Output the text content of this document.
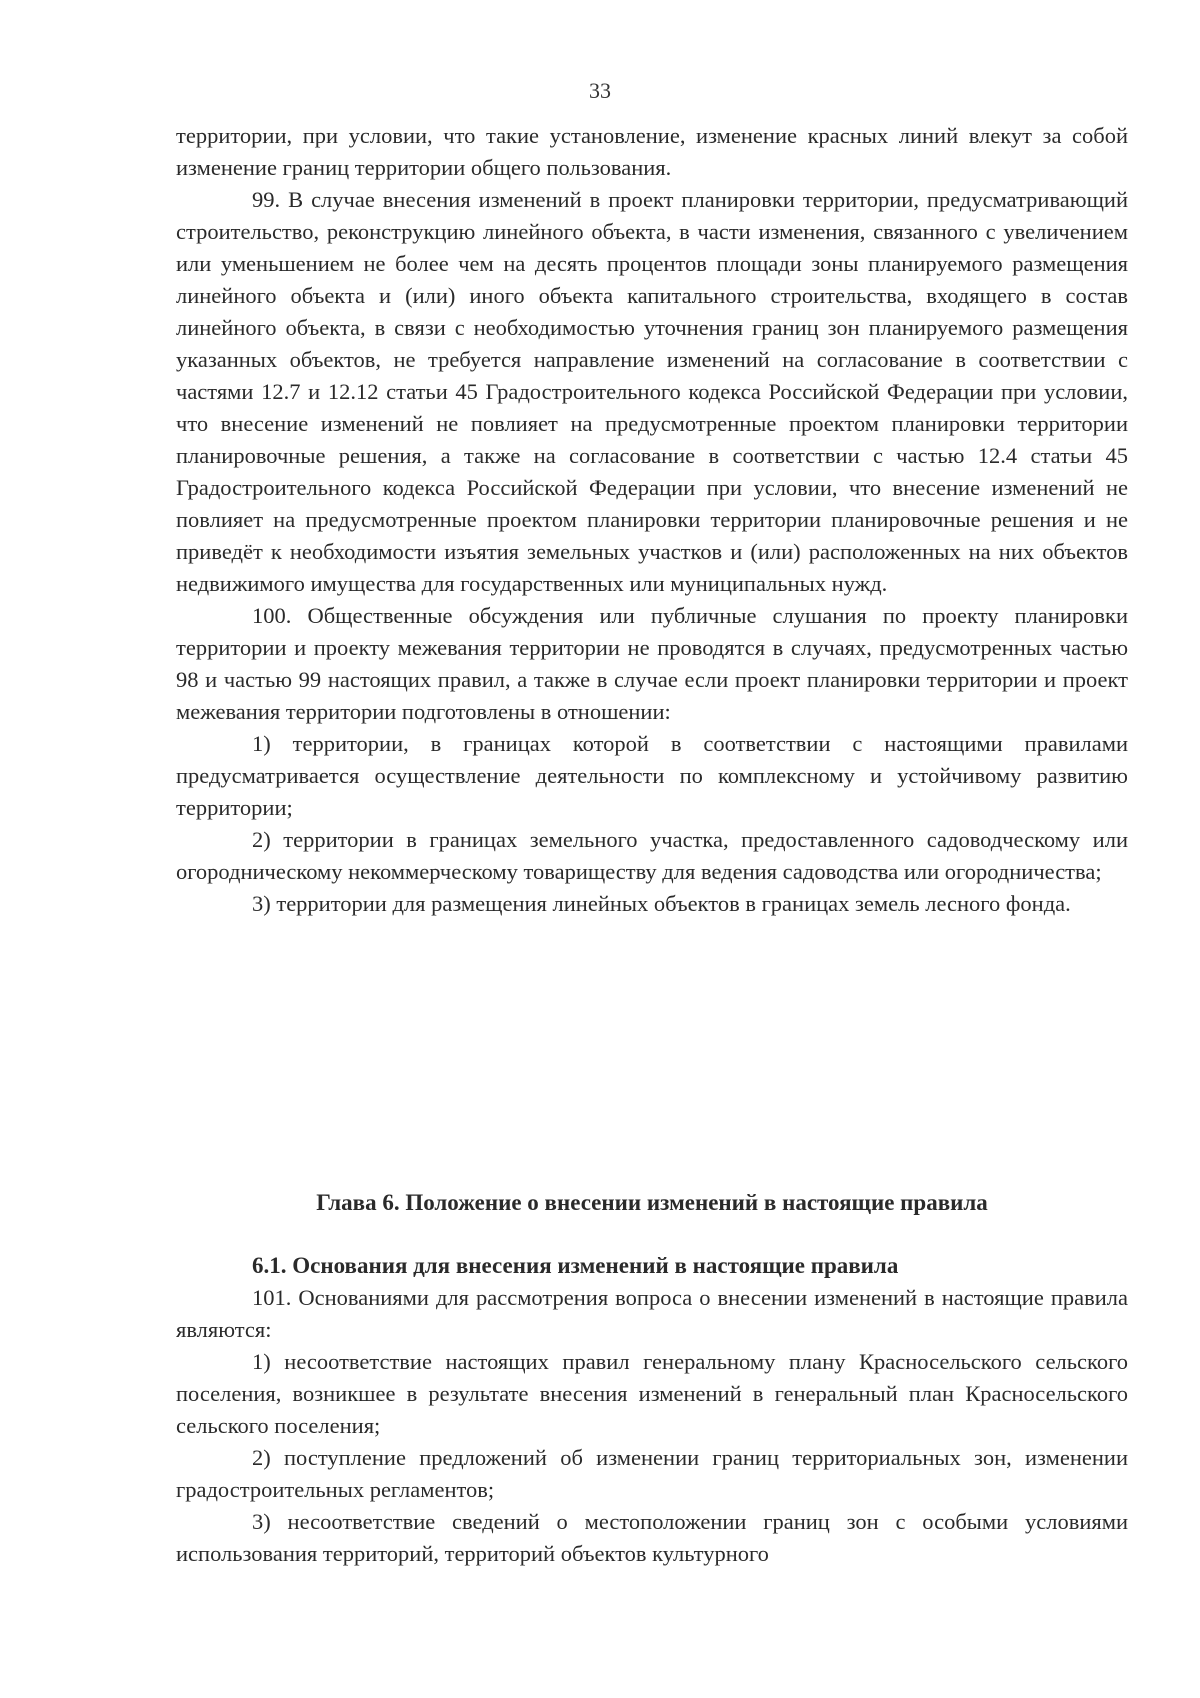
33

территории, при условии, что такие установление, изменение красных линий влекут за собой изменение границ территории общего пользования.

99. В случае внесения изменений в проект планировки территории, предусматривающий строительство, реконструкцию линейного объекта, в части изменения, связанного с увеличением или уменьшением не более чем на десять процентов площади зоны планируемого размещения линейного объекта и (или) иного объекта капитального строительства, входящего в состав линейного объекта, в связи с необходимостью уточнения границ зон планируемого размещения указанных объектов, не требуется направление изменений на согласование в соответствии с частями 12.7 и 12.12 статьи 45 Градостроительного кодекса Российской Федерации при условии, что внесение изменений не повлияет на предусмотренные проектом планировки территории планировочные решения, а также на согласование в соответствии с частью 12.4 статьи 45 Градостроительного кодекса Российской Федерации при условии, что внесение изменений не повлияет на предусмотренные проектом планировки территории планировочные решения и не приведёт к необходимости изъятия земельных участков и (или) расположенных на них объектов недвижимого имущества для государственных или муниципальных нужд.

100. Общественные обсуждения или публичные слушания по проекту планировки территории и проекту межевания территории не проводятся в случаях, предусмотренных частью 98 и частью 99 настоящих правил, а также в случае если проект планировки территории и проект межевания территории подготовлены в отношении:

1) территории, в границах которой в соответствии с настоящими правилами предусматривается осуществление деятельности по комплексному и устойчивому развитию территории;

2) территории в границах земельного участка, предоставленного садоводческому или огородническому некоммерческому товариществу для ведения садоводства или огородничества;

3) территории для размещения линейных объектов в границах земель лесного фонда.

Глава 6. Положение о внесении изменений в настоящие правила

6.1. Основания для внесения изменений в настоящие правила

101. Основаниями для рассмотрения вопроса о внесении изменений в настоящие правила являются:

1) несоответствие настоящих правил генеральному плану Красносельского сельского поселения, возникшее в результате внесения изменений в генеральный план Красносельского сельского поселения;

2) поступление предложений об изменении границ территориальных зон, изменении градостроительных регламентов;

3) несоответствие сведений о местоположении границ зон с особыми условиями использования территорий, территорий объектов культурного
